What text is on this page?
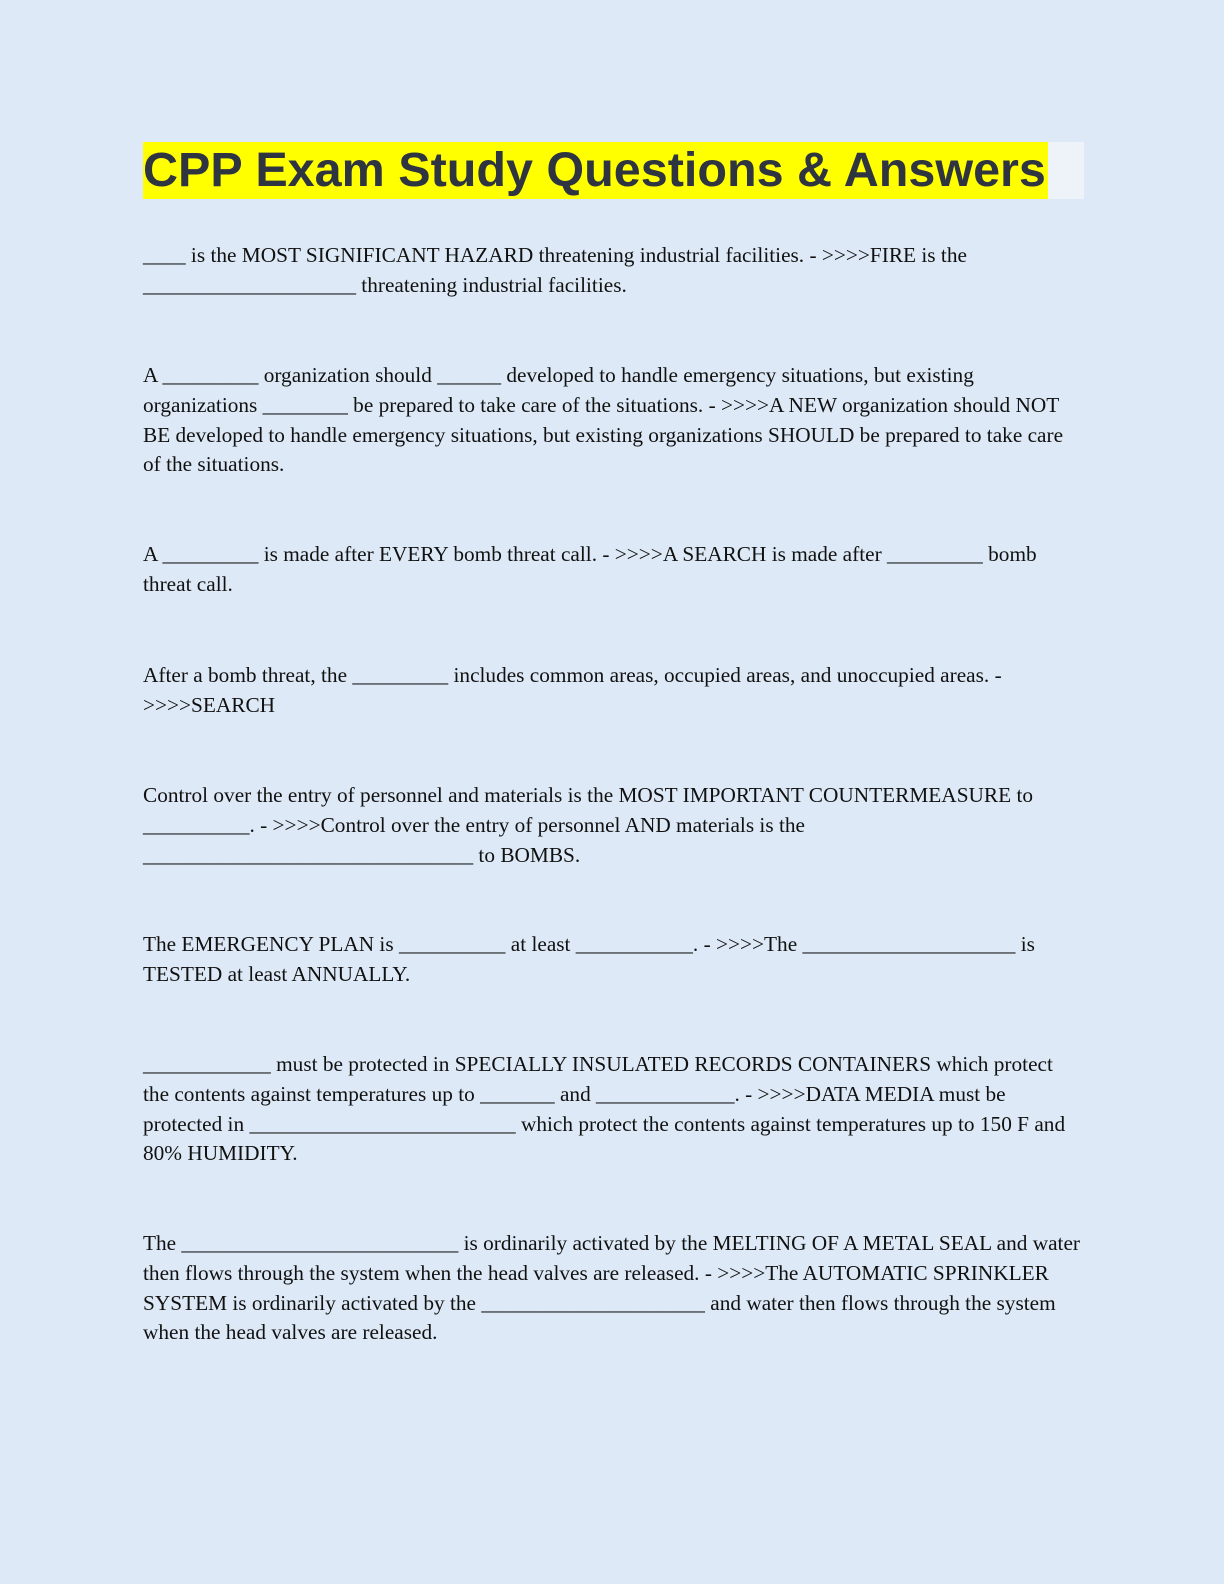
CPP Exam Study Questions & Answers

____ is the MOST SIGNIFICANT HAZARD threatening industrial facilities. - >>>>FIRE is the ____________________ threatening industrial facilities.

A _________ organization should ______ developed to handle emergency situations, but existing organizations ________ be prepared to take care of the situations. - >>>>A NEW organization should NOT BE developed to handle emergency situations, but existing organizations SHOULD be prepared to take care of the situations.

A _________ is made after EVERY bomb threat call. - >>>>A SEARCH is made after _________ bomb threat call.

After a bomb threat, the _________ includes common areas, occupied areas, and unoccupied areas. - >>>>SEARCH

Control over the entry of personnel and materials is the MOST IMPORTANT COUNTERMEASURE to __________. - >>>>Control over the entry of personnel AND materials is the _______________________________ to BOMBS.

The EMERGENCY PLAN is __________ at least ___________. - >>>>The ____________________ is TESTED at least ANNUALLY.

____________ must be protected in SPECIALLY INSULATED RECORDS CONTAINERS which protect the contents against temperatures up to _______ and _____________. - >>>>DATA MEDIA must be protected in _________________________ which protect the contents against temperatures up to 150 F and 80% HUMIDITY.

The __________________________ is ordinarily activated by the MELTING OF A METAL SEAL and water then flows through the system when the head valves are released. - >>>>The AUTOMATIC SPRINKLER SYSTEM is ordinarily activated by the _____________________ and water then flows through the system when the head valves are released.
